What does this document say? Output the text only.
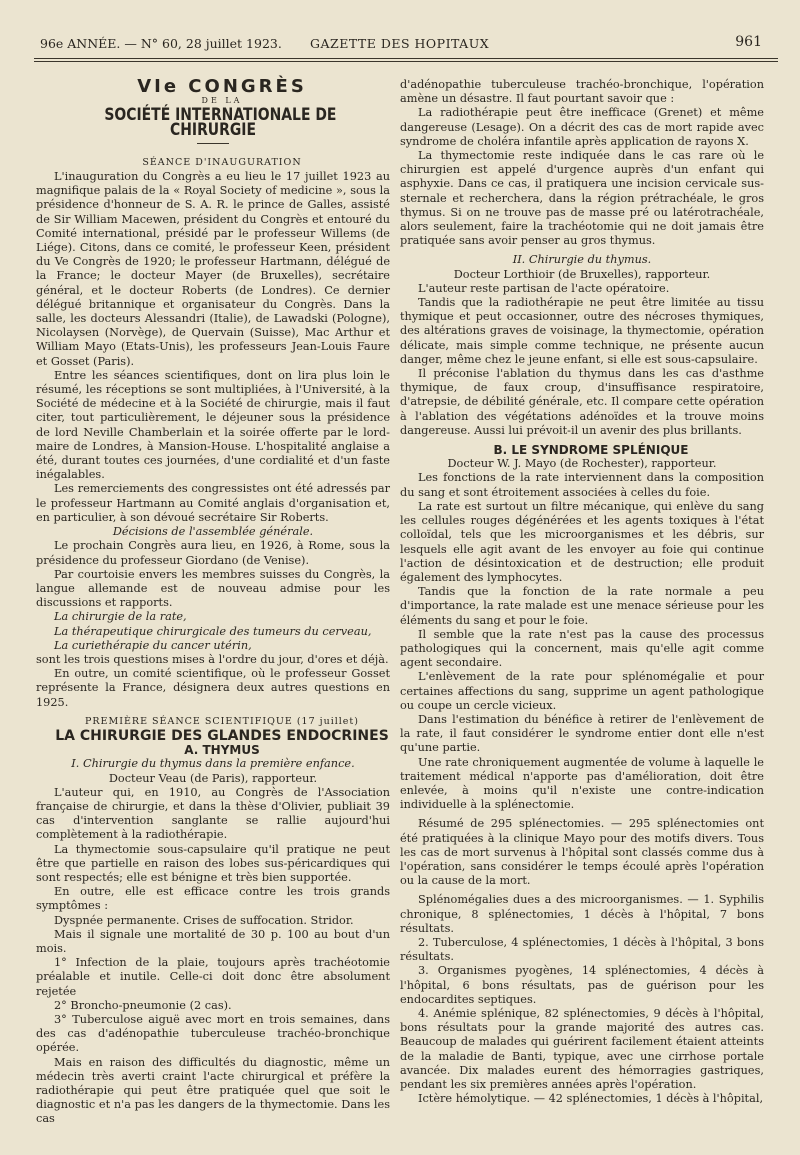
96e ANNÉE. — N° 60, 28 juillet 1923. GAZETTE DES HOPITAUX	961

VIe CONGRÈS

DE LA

SOCIÉTÉ INTERNATIONALE DE CHIRURGIE

SÉANCE D'INAUGURATION

L'inauguration du Congrès a eu lieu le 17 juillet 1923 au magnifique palais de la « Royal Society of medicine », sous la présidence d'honneur de S. A. R. le prince de Galles, assisté de Sir William Macewen, président du Congrès et entouré du Comité international, présidé par le professeur Willems (de Liége). Citons, dans ce comité, le professeur Keen, président du Ve Congrès de 1920; le professeur Hartmann, délégué de la France; le docteur Mayer (de Bruxelles), secrétaire général, et le docteur Roberts (de Londres). Ce dernier délégué britannique et organisateur du Congrès. Dans la salle, les docteurs Alessandri (Italie), de Lawadski (Pologne), Nicolaysen (Norvège), de Quervain (Suisse), Mac Arthur et William Mayo (Etats-Unis), les professeurs Jean-Louis Faure et Gosset (Paris).

Entre les séances scientifiques, dont on lira plus loin le résumé, les réceptions se sont multipliées, à l'Université, à la Société de médecine et à la Société de chirurgie, mais il faut citer, tout particulièrement, le déjeuner sous la présidence de lord Neville Chamberlain et la soirée offerte par le lord-maire de Londres, à Mansion-House. L'hospitalité anglaise a été, durant toutes ces journées, d'une cordialité et d'un faste inégalables.

Les remerciements des congressistes ont été adressés par le professeur Hartmann au Comité anglais d'organisation et, en particulier, à son dévoué secrétaire Sir Roberts.

Décisions de l'assemblée générale.

Le prochain Congrès aura lieu, en 1926, à Rome, sous la présidence du professeur Giordano (de Venise).

Par courtoisie envers les membres suisses du Congrès, la langue allemande est de nouveau admise pour les discussions et rapports.

La chirurgie de la rate,

La thérapeutique chirurgicale des tumeurs du cerveau,

La curiethérapie du cancer utérin,

sont les trois questions mises à l'ordre du jour, d'ores et déjà.

En outre, un comité scientifique, où le professeur Gosset représente la France, désignera deux autres questions en 1925.

PREMIÈRE SÉANCE SCIENTIFIQUE (17 juillet)

LA CHIRURGIE DES GLANDES ENDOCRINES

A. THYMUS

I. Chirurgie du thymus dans la première enfance.

Docteur Veau (de Paris), rapporteur.

L'auteur qui, en 1910, au Congrès de l'Association française de chirurgie, et dans la thèse d'Olivier, publiait 39 cas d'intervention sanglante se rallie aujourd'hui complètement à la radiothérapie.

La thymectomie sous-capsulaire qu'il pratique ne peut être que partielle en raison des lobes sus-péricardiques qui sont respectés; elle est bénigne et très bien supportée.

En outre, elle est efficace contre les trois grands symptômes :

Dyspnée permanente. Crises de suffocation. Stridor.

Mais il signale une mortalité de 30 p. 100 au bout d'un mois.

1° Infection de la plaie, toujours après trachéotomie préalable et inutile. Celle-ci doit donc être absolument rejetée

2° Broncho-pneumonie (2 cas).

3° Tuberculose aiguë avec mort en trois semaines, dans des cas d'adénopathie tuberculeuse trachéo-bronchique opérée.

Mais en raison des difficultés du diagnostic, même un médecin très averti craint l'acte chirurgical et préfère la radiothérapie qui peut être pratiquée quel que soit le diagnostic et n'a pas les dangers de la thymectomie. Dans les cas

d'adénopathie tuberculeuse trachéo-bronchique, l'opération amène un désastre. Il faut pourtant savoir que :

La radiothérapie peut être inefficace (Grenet) et même dangereuse (Lesage). On a décrit des cas de mort rapide avec syndrome de choléra infantile après application de rayons X.

La thymectomie reste indiquée dans le cas rare où le chirurgien est appelé d'urgence auprès d'un enfant qui asphyxie. Dans ce cas, il pratiquera une incision cervicale sus-sternale et recherchera, dans la région prétrachéale, le gros thymus. Si on ne trouve pas de masse pré ou latérotrachéale, alors seulement, faire la trachéotomie qui ne doit jamais être pratiquée sans avoir penser au gros thymus.

II. Chirurgie du thymus.

Docteur Lorthioir (de Bruxelles), rapporteur.

L'auteur reste partisan de l'acte opératoire.

Tandis que la radiothérapie ne peut être limitée au tissu thymique et peut occasionner, outre des nécroses thymiques, des altérations graves de voisinage, la thymectomie, opération délicate, mais simple comme technique, ne présente aucun danger, même chez le jeune enfant, si elle est sous-capsulaire.

Il préconise l'ablation du thymus dans les cas d'asthme thymique, de faux croup, d'insuffisance respiratoire, d'atrepsie, de débilité générale, etc. Il compare cette opération à l'ablation des végétations adénoïdes et la trouve moins dangereuse. Aussi lui prévoit-il un avenir des plus brillants.

B. LE SYNDROME SPLÉNIQUE

Docteur W. J. Mayo (de Rochester), rapporteur.

Les fonctions de la rate interviennent dans la composition du sang et sont étroitement associées à celles du foie.

La rate est surtout un filtre mécanique, qui enlève du sang les cellules rouges dégénérées et les agents toxiques à l'état colloïdal, tels que les microorganismes et les débris, sur lesquels elle agit avant de les envoyer au foie qui continue l'action de désintoxication et de destruction; elle produit également des lymphocytes.

Tandis que la fonction de la rate normale a peu d'importance, la rate malade est une menace sérieuse pour les éléments du sang et pour le foie.

Il semble que la rate n'est pas la cause des processus pathologiques qui la concernent, mais qu'elle agit comme agent secondaire.

L'enlèvement de la rate pour splénomégalie et pour certaines affections du sang, supprime un agent pathologique ou coupe un cercle vicieux.

Dans l'estimation du bénéfice à retirer de l'enlèvement de la rate, il faut considérer le syndrome entier dont elle n'est qu'une partie.

Une rate chroniquement augmentée de volume à laquelle le traitement médical n'apporte pas d'amélioration, doit être enlevée, à moins qu'il n'existe une contre-indication individuelle à la splénectomie.

Résumé de 295 splénectomies. — 295 splénectomies ont été pratiquées à la clinique Mayo pour des motifs divers. Tous les cas de mort survenus à l'hôpital sont classés comme dus à l'opération, sans considérer le temps écoulé après l'opération ou la cause de la mort.

Splénomégalies dues a des microorganismes. — 1. Syphilis chronique, 8 splénectomies, 1 décès à l'hôpital, 7 bons résultats.

2. Tuberculose, 4 splénectomies, 1 décès à l'hôpital, 3 bons résultats.

3. Organismes pyogènes, 14 splénectomies, 4 décès à l'hôpital, 6 bons résultats, pas de guérison pour les endocardites septiques.

4. Anémie splénique, 82 splénectomies, 9 décès à l'hôpital, bons résultats pour la grande majorité des autres cas. Beaucoup de malades qui guérirent facilement étaient atteints de la maladie de Banti, typique, avec une cirrhose portale avancée. Dix malades eurent des hémorragies gastriques, pendant les six premières années après l'opération.

Ictère hémolytique. — 42 splénectomies, 1 décès à l'hôpital,
